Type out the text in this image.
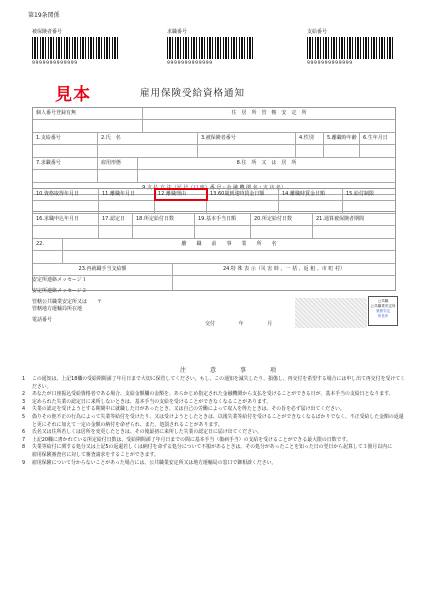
第19条関係
被保険者番号
9999999999999
求職番号
9999999999999
支給番号
9999999999999
見本	雇用保険受給資格通知
個人番号登録有無	住　居　所　管　轄　安　定　所
1.支給番号	2.氏　名	3.被保険者番号	4.性別	5.離職時年齢	6.生年月日
7.求職番号	雇用形態	8.住　所　又　は　居　所
9.支 払 方 法（記 号（口 座）番 号・金 融 機 関 名・支 店 名）
10.資格取得年月日	11.離職年月日	12.離職理由	13.60歳到達時賃金日額	14.離職時賃金日額	15.給付制限
16.求職申込年月日	17.認定日	18.所定給付日数	19.基本手当日額	20.所定給付日数	21.通算被保険者期間
22.	離　　職　　前　　事　　業　　所　　名
23.再就職手当支給額	24.特 殊 表 示（災 害 時 、一 括 、返 租 、市 町 村）
安定所連絡メッセージ１
安定所連絡メッセージ２
管轄公共職業安定所又は　　〒
管轄地方運輸局所在地
電話番号
交付	年	月
公共職
公共職業安定所
業務安定
所長印
注　意　事　項
1	この通知は、上記18欄の受給期間満了年月日まで大切に保管してください。もし、この通知を滅失したり、損傷し、再交付を希望する場合には申し出て再交付を受けてください。
2	あなたが口座振込受給資格者である場合、支給金額欄の金額を、あらかじめ指定された金融機関から支払を受けることができる日が、基本手当の支給日となります。
3	定められた失業の認定日に来所しないときは、基本手当の支給を受けることができなくなることがあります。
4	失業の認定を受けようとする期間中に就職した日があったとき、又は自己の労働によって収入を得たときは、その旨を必ず届け出てください。
5	偽りその他不正の行為によって失業等給付を受けたり、又は受けようとしたときは、以後失業等給付を受けることができなくなるばかりでなく、不正受給した金額の返還と更にそれに加えて一定の金額の納付を命ぜられ、また、処罰されることがあります。
6	氏名又は住所若しくは居所を変更したときは、その後最初に来所した失業の認定日に届け出てください。
7	上記20欄に書かれている所定給付日数は、受給期間満了年月日までの間に基本手当（傷病手当）の支給を受けることができる最大限の日数です。
8	失業等給付に関する処分又は上記5の返還若しくは納付を命ずる処分について不服があるときは、その処分があったことを知った日の翌日から起算して３箇月以内に　　　　　雇用保険審査官に対して審査請求をすることができます。
9	雇用保険について分からないことがあった場合には、公共職業安定所又は地方運輸局の窓口で御相談ください。
